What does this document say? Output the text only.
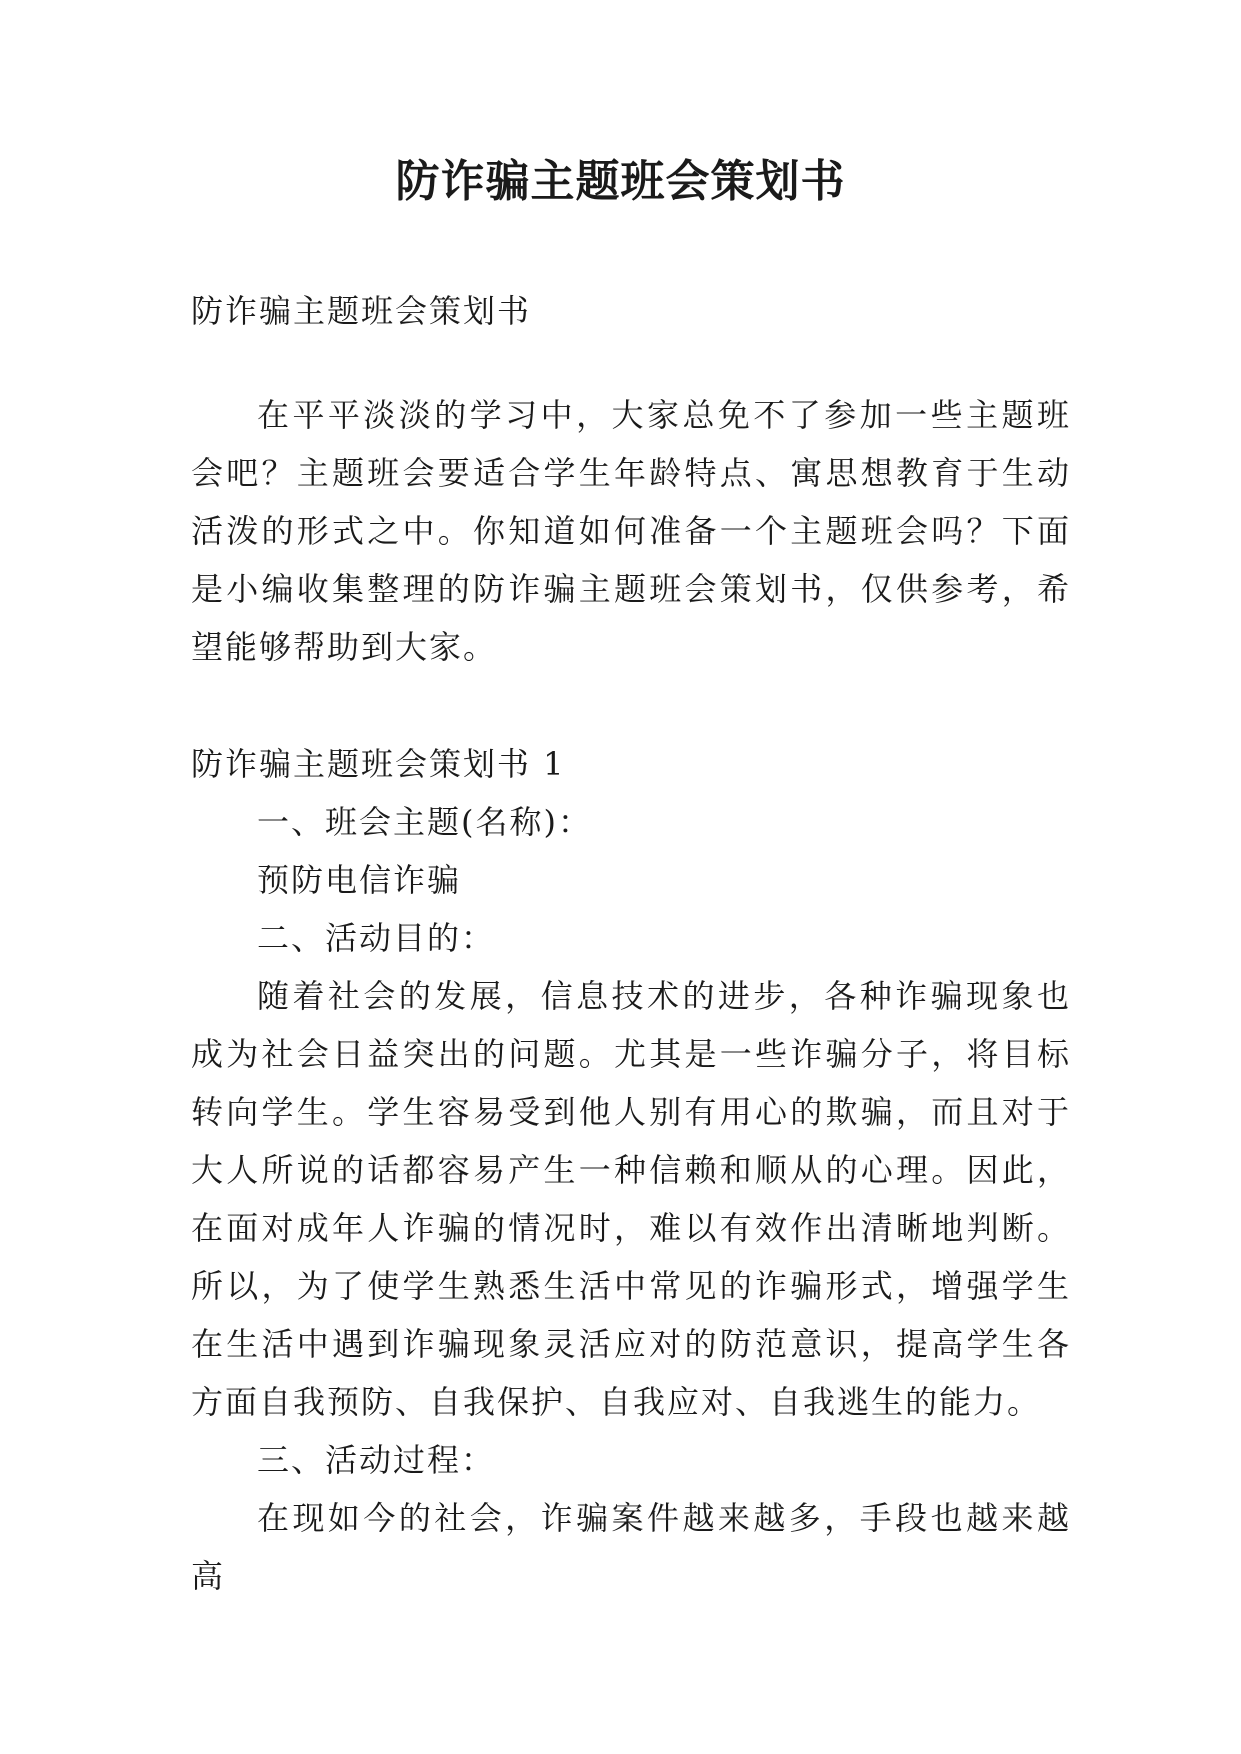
防诈骗主题班会策划书

防诈骗主题班会策划书

在平平淡淡的学习中，大家总免不了参加一些主题班会吧？主题班会要适合学生年龄特点、寓思想教育于生动活泼的形式之中。你知道如何准备一个主题班会吗？下面是小编收集整理的防诈骗主题班会策划书，仅供参考，希望能够帮助到大家。

防诈骗主题班会策划书 1

一、班会主题(名称)：

预防电信诈骗

二、活动目的：

随着社会的发展，信息技术的进步，各种诈骗现象也成为社会日益突出的问题。尤其是一些诈骗分子，将目标转向学生。学生容易受到他人别有用心的欺骗，而且对于大人所说的话都容易产生一种信赖和顺从的心理。因此，在面对成年人诈骗的情况时，难以有效作出清晰地判断。所以，为了使学生熟悉生活中常见的诈骗形式，增强学生在生活中遇到诈骗现象灵活应对的防范意识，提高学生各方面自我预防、自我保护、自我应对、自我逃生的能力。

三、活动过程：

在现如今的社会，诈骗案件越来越多，手段也越来越高
